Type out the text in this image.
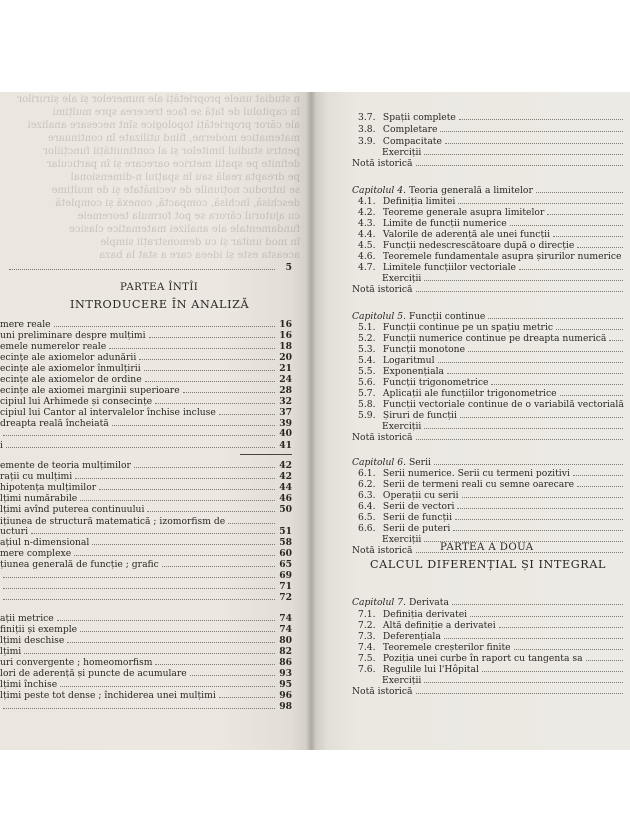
n studiat unele proprietăți ale numerelor și ale șirurilor
în capitolul de față se face trecerea spre mulțimi
ale căror proprietăți topologice sînt necesare analizei
matematice moderne, fiind utilizate în continuare
pentru studiul limitelor și al continuității funcțiilor
definite pe spații metrice oarecare și în particular
pe dreapta reală sau în spațiul n-dimensional
se introduc noțiunile de vecinătate și de mulțime
deschisă, închisă, compactă, conexă și completă
cu ajutorul cărora se pot formula teoremele
fundamentale ale analizei matematice clasice
în mod unitar și cu demonstrații simple
aceasta este și ideea care a stat la baza
5
PARTEA ÎNTÎI
INTRODUCERE ÎN ANALIZĂ
mere reale	16
uni preliminare despre mulțimi	16
emele numerelor reale	18
ecințe ale axiomelor adunării	20
ecințe ale axiomelor înmulțirii	21
ecințe ale axiomelor de ordine	24
ecințe ale axiomei marginii superioare	28
cipiul lui Arhimede și consecințe	32
cipiul lui Cantor al intervalelor închise incluse	37
dreapta reală încheiată	39
40
i	41
emente de teoria mulțimilor	42
rații cu mulțimi	42
hipotența mulțimilor	44
lțimi numărabile	46
lțimi avînd puterea continuului	50
ițiunea de structură matematică ; izomorfism de
ucturi	51
ațiul n-dimensional	58
mere complexe	60
țiunea generală de funcție ; grafic	65
69
71
72
ații metrice	74
finiții și exemple	74
lțimi deschise	80
lțimi	82
uri convergente ; homeomorfism	86
lori de aderență și puncte de acumulare	93
lțimi închise	95
lțimi peste tot dense ; închiderea unei mulțimi	96
98
PARTEA A DOUA
CALCUL DIFERENȚIAL ȘI INTEGRAL
3.7. Spații complete
3.8. Completare
3.9. Compacitate
Exerciții
Notă istorică
Capitolul 4. Teoria generală a limitelor
4.1. Definiția limitei
4.2. Teoreme generale asupra limitelor
4.3. Limite de funcții numerice
4.4. Valorile de aderență ale unei funcții
4.5. Funcții nedescrescătoare după o direcție
4.6. Teoremele fundamentale asupra șirurilor numerice
4.7. Limitele funcțiilor vectoriale
Exerciții
Notă istorică
Capitolul 5. Funcții continue
5.1. Funcții continue pe un spațiu metric
5.2. Funcții numerice continue pe dreapta numerică
5.3. Funcții monotone
5.4. Logaritmul
5.5. Exponențiala
5.6. Funcții trigonometrice
5.7. Aplicații ale funcțiilor trigonometrice
5.8. Funcții vectoriale continue de o variabilă vectorială
5.9. Șiruri de funcții
Exerciții
Notă istorică
Capitolul 6. Serii
6.1. Serii numerice. Serii cu termeni pozitivi
6.2. Serii de termeni reali cu semne oarecare
6.3. Operații cu serii
6.4. Serii de vectori
6.5. Serii de funcții
6.6. Serii de puteri
Exerciții
Notă istorică
Capitolul 7. Derivata
7.1. Definiția derivatei
7.2. Altă definiție a derivatei
7.3. Deferențiala
7.4. Teoremele creșterilor finite
7.5. Poziția unei curbe în raport cu tangenta sa
7.6. Regulile lui l'Hôpital
Exerciții
Notă istorică
